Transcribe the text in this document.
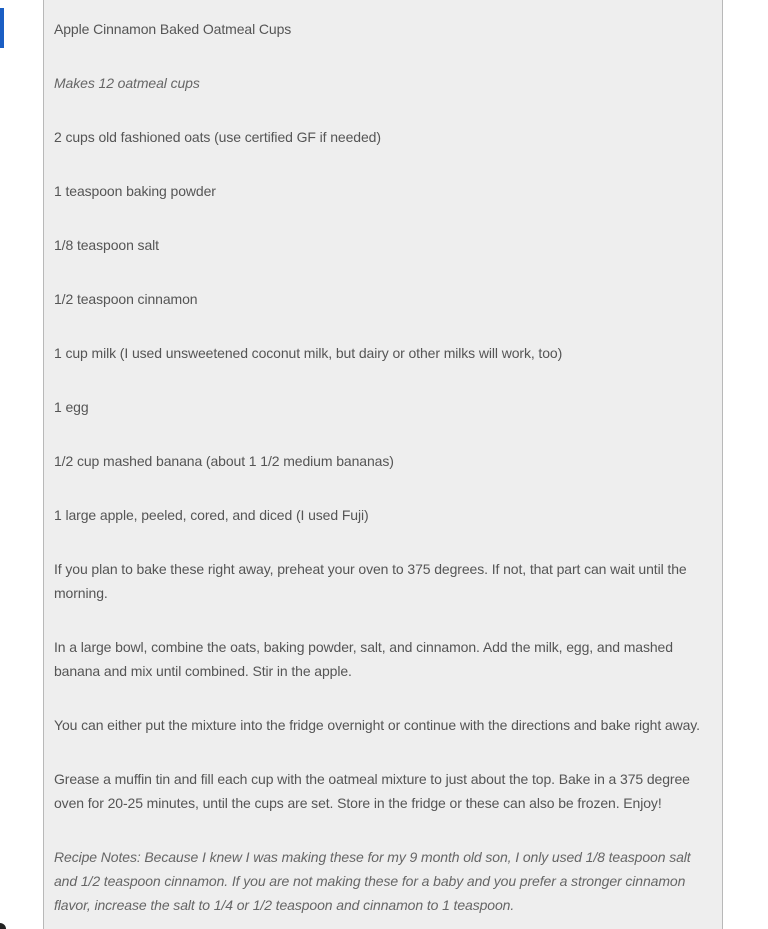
Apple Cinnamon Baked Oatmeal Cups

Makes 12 oatmeal cups

2 cups old fashioned oats (use certified GF if needed)

1 teaspoon baking powder

1/8 teaspoon salt

1/2 teaspoon cinnamon

1 cup milk (I used unsweetened coconut milk, but dairy or other milks will work, too)

1 egg

1/2 cup mashed banana (about 1 1/2 medium bananas)

1 large apple, peeled, cored, and diced (I used Fuji)

If you plan to bake these right away, preheat your oven to 375 degrees. If not, that part can wait until the morning.

In a large bowl, combine the oats, baking powder, salt, and cinnamon. Add the milk, egg, and mashed banana and mix until combined. Stir in the apple.

You can either put the mixture into the fridge overnight or continue with the directions and bake right away.

Grease a muffin tin and fill each cup with the oatmeal mixture to just about the top. Bake in a 375 degree oven for 20-25 minutes, until the cups are set. Store in the fridge or these can also be frozen. Enjoy!

Recipe Notes: Because I knew I was making these for my 9 month old son, I only used 1/8 teaspoon salt and 1/2 teaspoon cinnamon. If you are not making these for a baby and you prefer a stronger cinnamon flavor, increase the salt to 1/4 or 1/2 teaspoon and cinnamon to 1 teaspoon.
